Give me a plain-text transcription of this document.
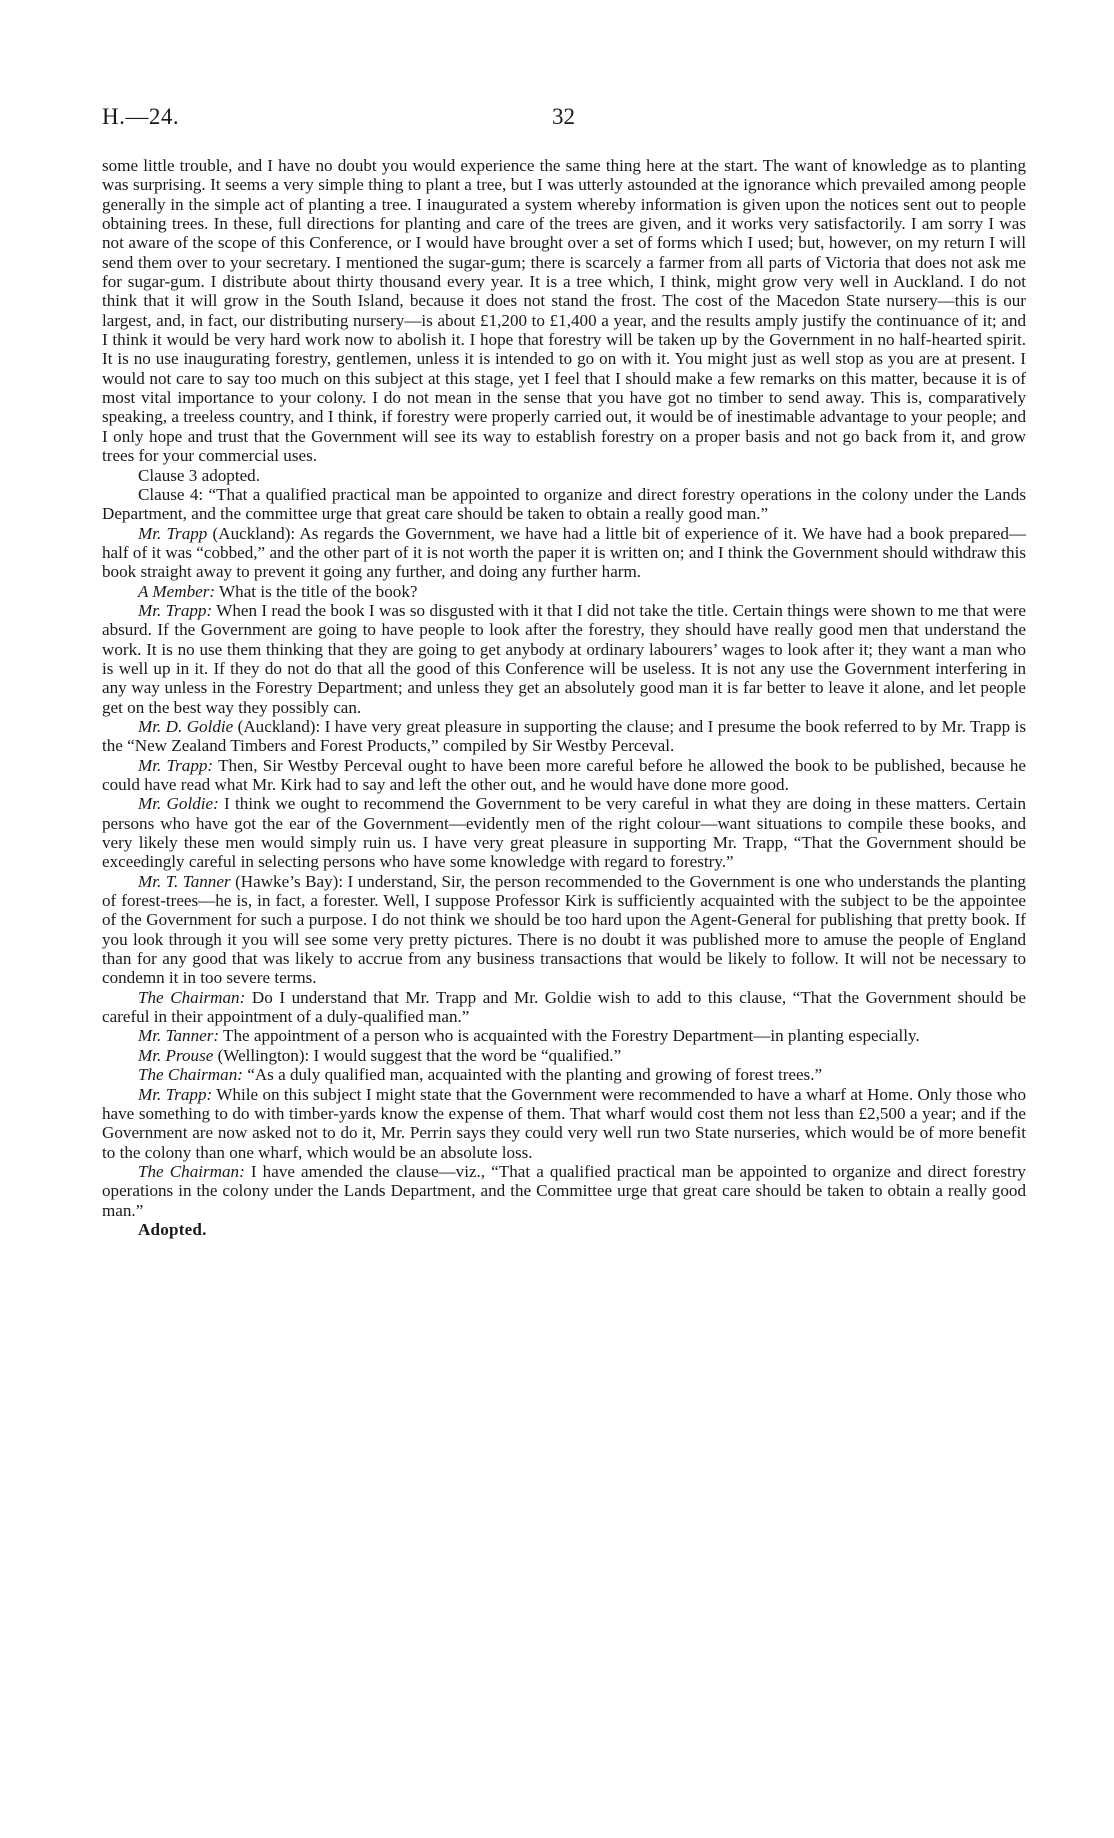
H.—24.	32

some little trouble, and I have no doubt you would experience the same thing here at the start. The want of knowledge as to planting was surprising. It seems a very simple thing to plant a tree, but I was utterly astounded at the ignorance which prevailed among people generally in the simple act of planting a tree. I inaugurated a system whereby information is given upon the notices sent out to people obtaining trees. In these, full directions for planting and care of the trees are given, and it works very satisfactorily. I am sorry I was not aware of the scope of this Conference, or I would have brought over a set of forms which I used; but, however, on my return I will send them over to your secretary. I mentioned the sugar-gum; there is scarcely a farmer from all parts of Victoria that does not ask me for sugar-gum. I distribute about thirty thousand every year. It is a tree which, I think, might grow very well in Auckland. I do not think that it will grow in the South Island, because it does not stand the frost. The cost of the Macedon State nursery—this is our largest, and, in fact, our distributing nursery—is about £1,200 to £1,400 a year, and the results amply justify the continuance of it; and I think it would be very hard work now to abolish it. I hope that forestry will be taken up by the Government in no half-hearted spirit. It is no use inaugurating forestry, gentlemen, unless it is intended to go on with it. You might just as well stop as you are at present. I would not care to say too much on this subject at this stage, yet I feel that I should make a few remarks on this matter, because it is of most vital importance to your colony. I do not mean in the sense that you have got no timber to send away. This is, comparatively speaking, a treeless country, and I think, if forestry were properly carried out, it would be of inestimable advantage to your people; and I only hope and trust that the Government will see its way to establish forestry on a proper basis and not go back from it, and grow trees for your commercial uses.

Clause 3 adopted.

Clause 4: “That a qualified practical man be appointed to organize and direct forestry operations in the colony under the Lands Department, and the committee urge that great care should be taken to obtain a really good man.”

Mr. Trapp (Auckland): As regards the Government, we have had a little bit of experience of it. We have had a book prepared—half of it was “cobbed,” and the other part of it is not worth the paper it is written on; and I think the Government should withdraw this book straight away to prevent it going any further, and doing any further harm.

A Member: What is the title of the book?

Mr. Trapp: When I read the book I was so disgusted with it that I did not take the title. Certain things were shown to me that were absurd. If the Government are going to have people to look after the forestry, they should have really good men that understand the work. It is no use them thinking that they are going to get anybody at ordinary labourers’ wages to look after it; they want a man who is well up in it. If they do not do that all the good of this Conference will be useless. It is not any use the Government interfering in any way unless in the Forestry Department; and unless they get an absolutely good man it is far better to leave it alone, and let people get on the best way they possibly can.

Mr. D. Goldie (Auckland): I have very great pleasure in supporting the clause; and I presume the book referred to by Mr. Trapp is the “New Zealand Timbers and Forest Products,” compiled by Sir Westby Perceval.

Mr. Trapp: Then, Sir Westby Perceval ought to have been more careful before he allowed the book to be published, because he could have read what Mr. Kirk had to say and left the other out, and he would have done more good.

Mr. Goldie: I think we ought to recommend the Government to be very careful in what they are doing in these matters. Certain persons who have got the ear of the Government—evidently men of the right colour—want situations to compile these books, and very likely these men would simply ruin us. I have very great pleasure in supporting Mr. Trapp, “That the Government should be exceedingly careful in selecting persons who have some knowledge with regard to forestry.”

Mr. T. Tanner (Hawke’s Bay): I understand, Sir, the person recommended to the Government is one who understands the planting of forest-trees—he is, in fact, a forester. Well, I suppose Professor Kirk is sufficiently acquainted with the subject to be the appointee of the Government for such a purpose. I do not think we should be too hard upon the Agent-General for publishing that pretty book. If you look through it you will see some very pretty pictures. There is no doubt it was published more to amuse the people of England than for any good that was likely to accrue from any business transactions that would be likely to follow. It will not be necessary to condemn it in too severe terms.

The Chairman: Do I understand that Mr. Trapp and Mr. Goldie wish to add to this clause, “That the Government should be careful in their appointment of a duly-qualified man.”

Mr. Tanner: The appointment of a person who is acquainted with the Forestry Department—in planting especially.

Mr. Prouse (Wellington): I would suggest that the word be “qualified.”

The Chairman: “As a duly qualified man, acquainted with the planting and growing of forest trees.”

Mr. Trapp: While on this subject I might state that the Government were recommended to have a wharf at Home. Only those who have something to do with timber-yards know the expense of them. That wharf would cost them not less than £2,500 a year; and if the Government are now asked not to do it, Mr. Perrin says they could very well run two State nurseries, which would be of more benefit to the colony than one wharf, which would be an absolute loss.

The Chairman: I have amended the clause—viz., “That a qualified practical man be appointed to organize and direct forestry operations in the colony under the Lands Department, and the Committee urge that great care should be taken to obtain a really good man.”

Adopted.
